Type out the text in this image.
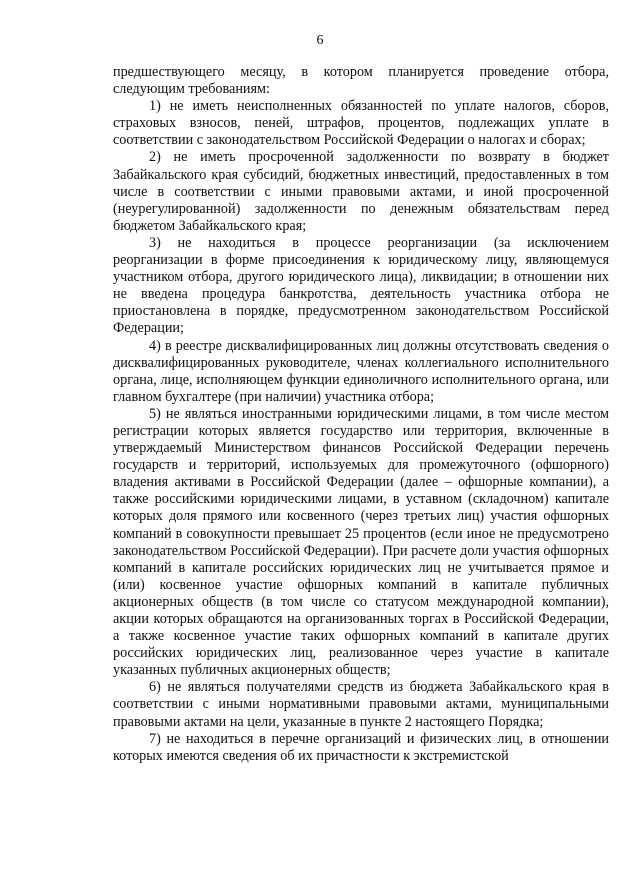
6

предшествующего месяцу, в котором планируется проведение отбора, следующим требованиям:

1) не иметь неисполненных обязанностей по уплате налогов, сборов, страховых взносов, пеней, штрафов, процентов, подлежащих уплате в соответствии с законодательством Российской Федерации о налогах и сборах;

2) не иметь просроченной задолженности по возврату в бюджет Забайкальского края субсидий, бюджетных инвестиций, предоставленных в том числе в соответствии с иными правовыми актами, и иной просроченной (неурегулированной) задолженности по денежным обязательствам перед бюджетом Забайкальского края;

3) не находиться в процессе реорганизации (за исключением реорганизации в форме присоединения к юридическому лицу, являющемуся участником отбора, другого юридического лица), ликвидации; в отношении них не введена процедура банкротства, деятельность участника отбора не приостановлена в порядке, предусмотренном законодательством Российской Федерации;

4) в реестре дисквалифицированных лиц должны отсутствовать сведения о дисквалифицированных руководителе, членах коллегиального исполнительного органа, лице, исполняющем функции единоличного исполнительного органа, или главном бухгалтере (при наличии) участника отбора;

5) не являться иностранными юридическими лицами, в том числе местом регистрации которых является государство или территория, включенные в утверждаемый Министерством финансов Российской Федерации перечень государств и территорий, используемых для промежуточного (офшорного) владения активами в Российской Федерации (далее – офшорные компании), а также российскими юридическими лицами, в уставном (складочном) капитале которых доля прямого или косвенного (через третьих лиц) участия офшорных компаний в совокупности превышает 25 процентов (если иное не предусмотрено законодательством Российской Федерации). При расчете доли участия офшорных компаний в капитале российских юридических лиц не учитывается прямое и (или) косвенное участие офшорных компаний в капитале публичных акционерных обществ (в том числе со статусом международной компании), акции которых обращаются на организованных торгах в Российской Федерации, а также косвенное участие таких офшорных компаний в капитале других российских юридических лиц, реализованное через участие в капитале указанных публичных акционерных обществ;

6) не являться получателями средств из бюджета Забайкальского края в соответствии с иными нормативными правовыми актами, муниципальными правовыми актами на цели, указанные в пункте 2 настоящего Порядка;

7) не находиться в перечне организаций и физических лиц, в отношении которых имеются сведения об их причастности к экстремистской
